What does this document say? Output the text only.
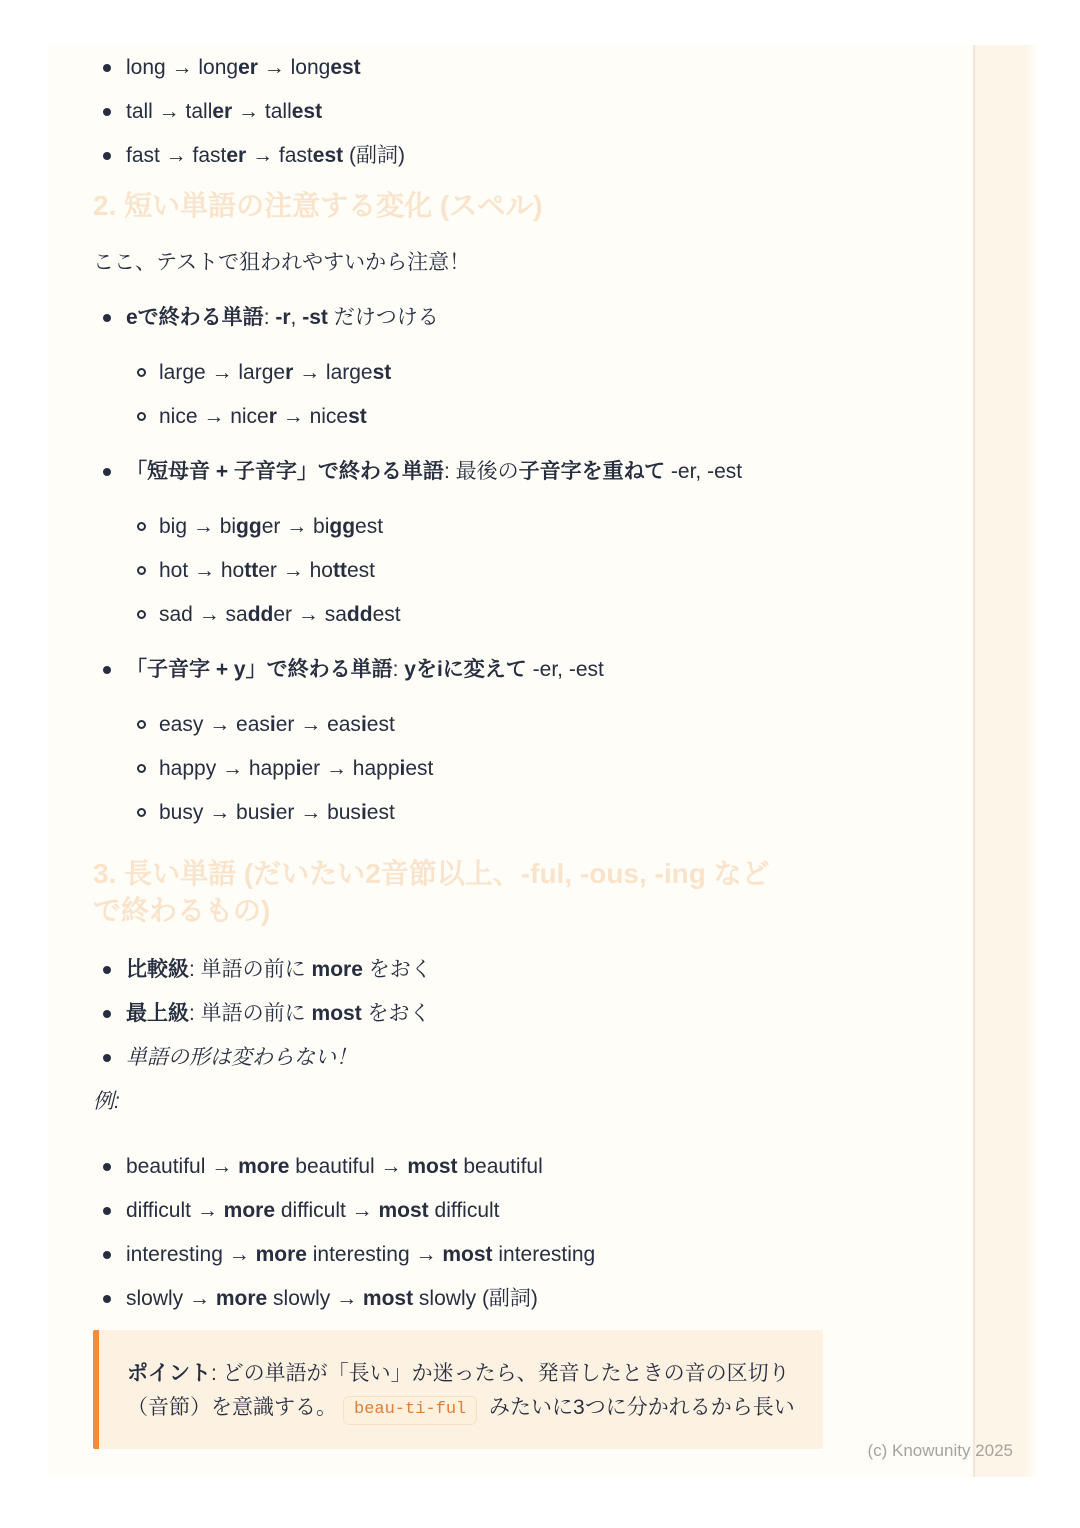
long → longer → longest
tall → taller → tallest
fast → faster → fastest (副詞)
2. 短い単語の注意する変化 (スペル)

ここ、テストで狙われやすいから注意！

eで終わる単語: -r, -st だけつける
large → larger → largest
nice → nicer → nicest
「短母音 + 子音字」で終わる単語: 最後の子音字を重ねて -er, -est
big → bigger → biggest
hot → hotter → hottest
sad → sadder → saddest
「子音字 + y」で終わる単語: yをiに変えて -er, -est
easy → easier → easiest
happy → happier → happiest
busy → busier → busiest
3. 長い単語 (だいたい2音節以上、-ful, -ous, -ing など
で終わるもの)
比較級: 単語の前に more をおく
最上級: 単語の前に most をおく
単語の形は変わらない！

例:

beautiful → more beautiful → most beautiful
difficult → more difficult → most difficult
interesting → more interesting → most interesting
slowly → more slowly → most slowly (副詞)

ポイント: どの単語が「長い」か迷ったら、発音したときの音の区切り（音節）を意識する。 beau-ti-ful みたいに3つに分かれるから長い

(c) Knowunity 2025
